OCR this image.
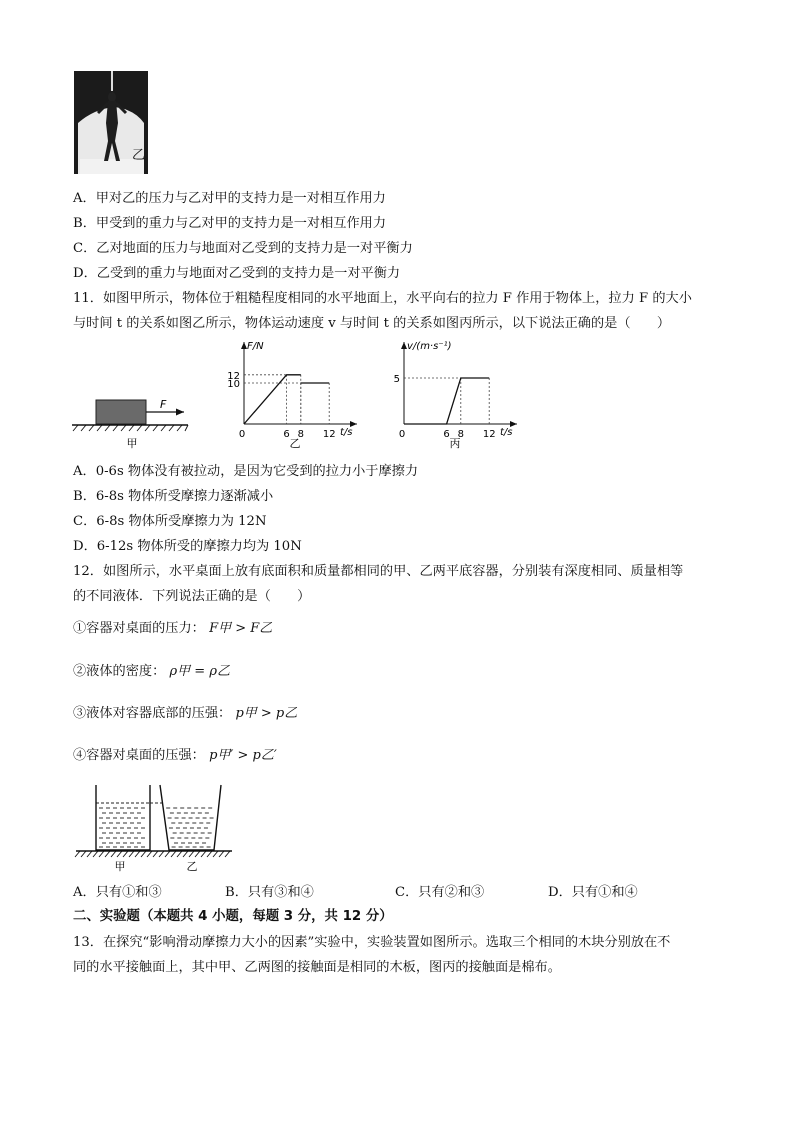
乙
A．甲对乙的压力与乙对甲的支持力是一对相互作用力
B．甲受到的重力与乙对甲的支持力是一对相互作用力
C．乙对地面的压力与地面对乙受到的支持力是一对平衡力
D．乙受到的重力与地面对乙受到的支持力是一对平衡力
11．如图甲所示，物体位于粗糙程度相同的水平地面上，水平向右的拉力 F 作用于物体上，拉力 F 的大小
与时间 t 的关系如图乙所示，物体运动速度 v 与时间 t 的关系如图丙所示，以下说法正确的是（　　）
F
甲
F/N
t/s
10
12
0	6 8 12
乙
v/(m·s⁻¹)
t/s
5
0	6 8 12
丙
A．0-6s 物体没有被拉动，是因为它受到的拉力小于摩擦力
B．6-8s 物体所受摩擦力逐渐减小
C．6-8s 物体所受摩擦力为 12N
D．6-12s 物体所受的摩擦力均为 10N
12．如图所示，水平桌面上放有底面积和质量都相同的甲、乙两平底容器，分别装有深度相同、质量相等
的不同液体．下列说法正确的是（　　）
①容器对桌面的压力： F甲 > F乙
②液体的密度： ρ甲 = ρ乙
③液体对容器底部的压强： p甲 > p乙
④容器对桌面的压强： p甲′ > p乙′
甲	乙
A．只有①和③	B．只有③和④	C．只有②和③	D．只有①和④
二、实验题（本题共 4 小题，每题 3 分，共 12 分）
13．在探究“影响滑动摩擦力大小的因素”实验中，实验装置如图所示。选取三个相同的木块分别放在不
同的水平接触面上，其中甲、乙两图的接触面是相同的木板，图丙的接触面是棉布。
